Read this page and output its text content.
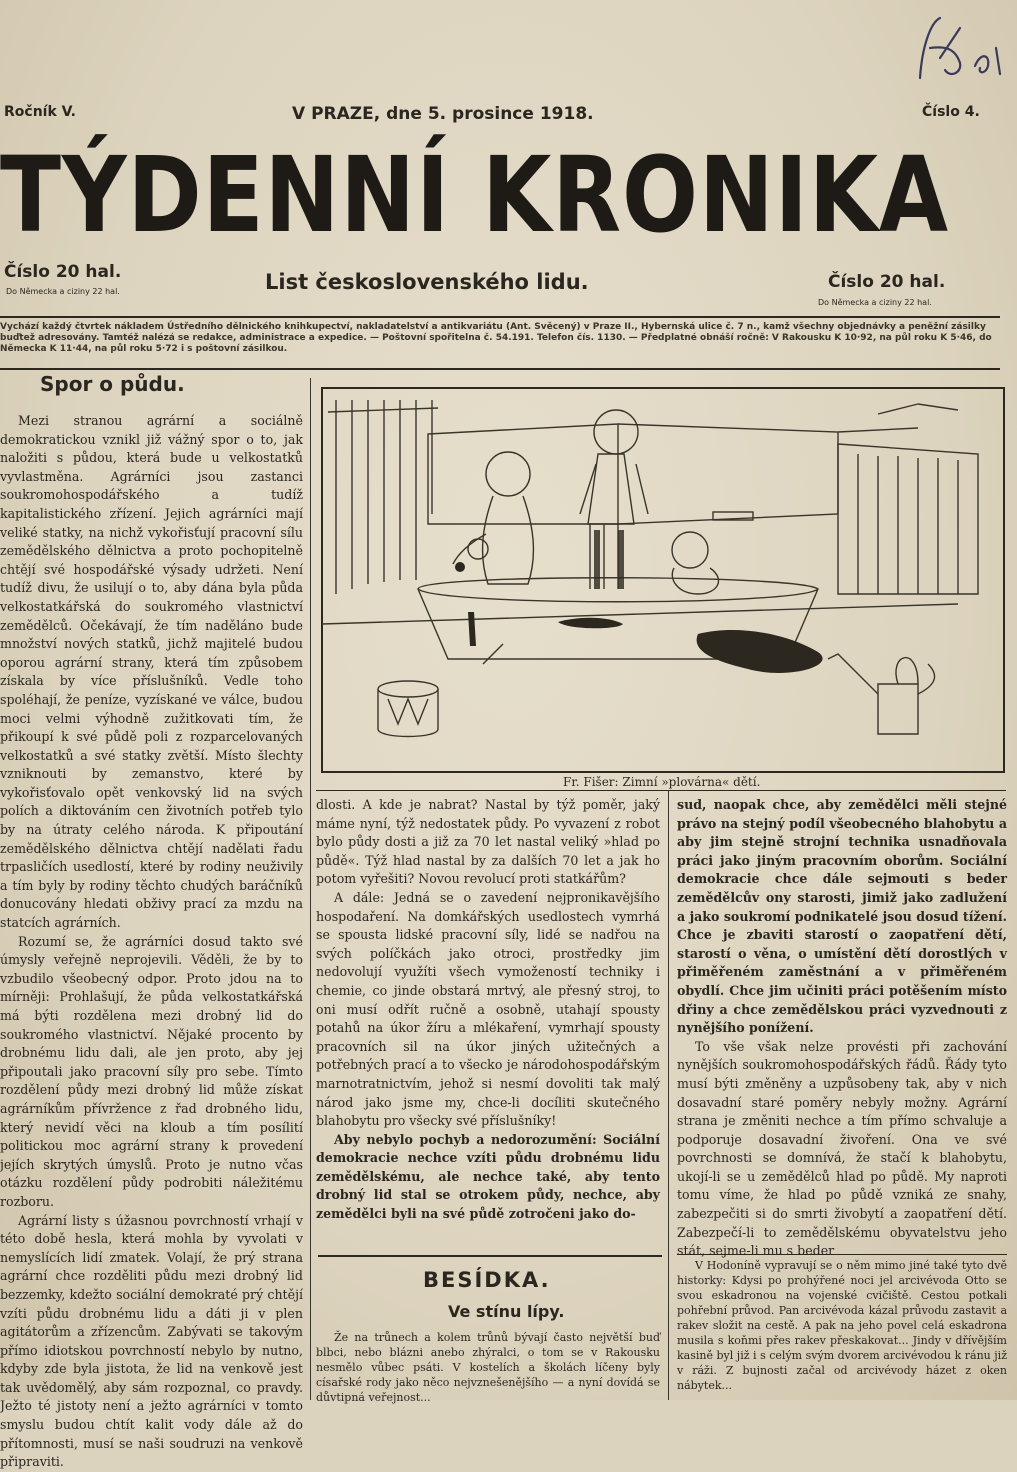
Ročník V.	V PRAZE, dne 5. prosince 1918.	Číslo 4.
TÝDENNÍ KRONIKA
Číslo 20 hal.
Do Německa a ciziny 22 hal.	List československého lidu.	Číslo 20 hal.
Do Německa a ciziny 22 hal.
Vychází každý čtvrtek nákladem Ústředního dělnického knihkupectví, nakladatelství a antikvariátu (Ant. Svěcený) v Praze II., Hybernská ulice č. 7 n., kamž všechny objednávky a peněžní zásilky buďtež adresovány. Tamtéž nalézá se redakce, administrace a expedice. — Poštovní spořitelna č. 54.191. Telefon čís. 1130. — Předplatné obnáší ročně: V Rakousku K 10·92, na půl roku K 5·46, do Německa K 11·44, na půl roku 5·72 i s poštovní zásilkou.
Spor o půdu.

Mezi stranou agrární a sociálně demokratickou vznikl již vážný spor o to, jak naložiti s půdou, která bude u velkostatků vyvlastměna. Agrárníci jsou zastanci soukromohospodářského a tudíž kapitalistického zřízení. Jejich agrárníci mají veliké statky, na nichž vykořisťují pracovní sílu zemědělského dělnictva a proto pochopitelně chtějí své hospodářské výsady udržeti. Není tudíž divu, že usilují o to, aby dána byla půda velkostatkářská do soukromého vlastnictví zemědělců. Očekávají, že tím naděláno bude množství nových statků, jichž majitelé budou oporou agrární strany, která tím způsobem získala by více příslušníků. Vedle toho spoléhají, že peníze, vyzískané ve válce, budou moci velmi výhodně zužitkovati tím, že přikoupí k své půdě poli z rozparcelovaných velkostatků a své statky zvětší. Místo šlechty vzniknouti by zemanstvo, které by vykořisťovalo opět venkovský lid na svých polích a diktováním cen životních potřeb tylo by na útraty celého národa. K připoutání zemědělského dělnictva chtějí nadělati řadu trpasličích usedlostí, které by rodiny neuživily a tím byly by rodiny těchto chudých baráčníků donucovány hledati obživy prací za mzdu na statcích agrárních.

Rozumí se, že agrárníci dosud takto své úmysly veřejně neprojevili. Věděli, že by to vzbudilo všeobecný odpor. Proto jdou na to mírněji: Prohlašují, že půda velkostatkářská má býti rozdělena mezi drobný lid do soukromého vlastnictví. Nějaké procento by drobnému lidu dali, ale jen proto, aby jej připoutali jako pracovní síly pro sebe. Tímto rozdělení půdy mezi drobný lid může získat agrárníkům přívržence z řad drobného lidu, který nevidí věci na kloub a tím posílití politickou moc agrární strany k provedení jejích skrytých úmyslů. Proto je nutno včas otázku rozdělení půdy podrobiti náležitému rozboru.

Agrární listy s úžasnou povrchností vrhají v této době hesla, která mohla by vyvolati v nemyslících lidí zmatek. Volají, že prý strana agrární chce rozděliti půdu mezi drobný lid bezzemky, kdežto sociální demokraté prý chtějí vzíti půdu drobnému lidu a dáti ji v plen agitátorům a zřízencům. Zabývati se takovým přímo idiotskou povrchností nebylo by nutno, kdyby zde byla jistota, že lid na venkově jest tak uvědomělý, aby sám rozpoznal, co pravdy. Ježto té jistoty není a ježto agrárníci v tomto smyslu budou chtít kalit vody dále až do přítomnosti, musí se naši soudruzi na venkově připraviti.

Fr. Fišer: Zimní »plovárna« dětí.

dlosti. A kde je nabrat? Nastal by týž poměr, jaký máme nyní, týž nedostatek půdy. Po vyvazení z robot bylo půdy dosti a již za 70 let nastal veliký »hlad po půdě«. Týž hlad nastal by za dalších 70 let a jak ho potom vyřešiti? Novou revolucí proti statkářům?

A dále: Jedná se o zavedení nejpronikavějšího hospodaření. Na domkářských usedlostech vymrhá se spousta lidské pracovní síly, lidé se nadřou na svých políčkách jako otroci, prostředky jim nedovolují využíti všech vymožeností techniky i chemie, co jinde obstará mrtvý, ale přesný stroj, to oni musí odřít ručně a osobně, utahají spousty potahů na úkor žíru a mlékaření, vymrhají spousty pracovních sil na úkor jiných užitečných a potřebných prací a to všecko je národohospodářským marnotratnictvím, jehož si nesmí dovoliti tak malý národ jako jsme my, chce-li docíliti skutečného blahobytu pro všecky své příslušníky!

Aby nebylo pochyb a nedorozumění: Sociální demokracie nechce vzíti půdu drobnému lidu zemědělskému, ale nechce také, aby tento drobný lid stal se otrokem půdy, nechce, aby zemědělci byli na své půdě zotročeni jako do-

sud, naopak chce, aby zemědělci měli stejné právo na stejný podíl všeobecného blahobytu a aby jim stejně strojní technika usnadňovala práci jako jiným pracovním oborům. Sociální demokracie chce dále sejmouti s beder zemědělcův ony starosti, jimiž jako zadlužení a jako soukromí podnikatelé jsou dosud tížení. Chce je zbaviti starostí o zaopatření dětí, starostí o věna, o umístění dětí dorostlých v přiměřeném zaměstnání a v přiměřeném obydlí. Chce jim učiniti práci potěšením místo dřiny a chce zemědělskou práci vyzvednouti z nynějšího ponížení.

To vše však nelze provésti při zachování nynějších soukromohospodářských řádů. Řády tyto musí býti změněny a uzpůsobeny tak, aby v nich dosavadní staré poměry nebyly možny. Agrární strana je změniti nechce a tím přímo schvaluje a podporuje dosavadní živoření. Ona ve své povrchnosti se domnívá, že stačí k blahobytu, ukojí-li se u zemědělců hlad po půdě. My naproti tomu víme, že hlad po půdě vzniká ze snahy, zabezpečiti si do smrti živobytí a zaopatření dětí. Zabezpečí-li to zemědělskému obyvatelstvu jeho stát, sejme-li mu s beder

V Hodoníně vypravují se o něm mimo jiné také tyto dvě historky: Kdysi po prohýřené noci jel arcivévoda Otto se svou eskadronou na vojenské cvičiště. Cestou potkali pohřební průvod. Pan arcivévoda kázal průvodu zastavit a rakev složit na cestě. A pak na jeho povel celá eskadrona musila s koňmi přes rakev přeskakovat... Jindy v dřívějším kasině byl již i s celým svým dvorem arcivévodou k ránu již v ráži. Z bujnosti začal od arcivévody házet z oken nábytek...

BESÍDKA.
Ve stínu lípy.

Že na trůnech a kolem trůnů bývají často největší buď blbci, nebo blázni anebo zhýralci, o tom se v Rakousku nesmělo vůbec psáti. V kostelích a školách líčeny byly císařské rody jako něco nejvznešenějšího — a nyní dovídá se důvtipná veřejnost...
